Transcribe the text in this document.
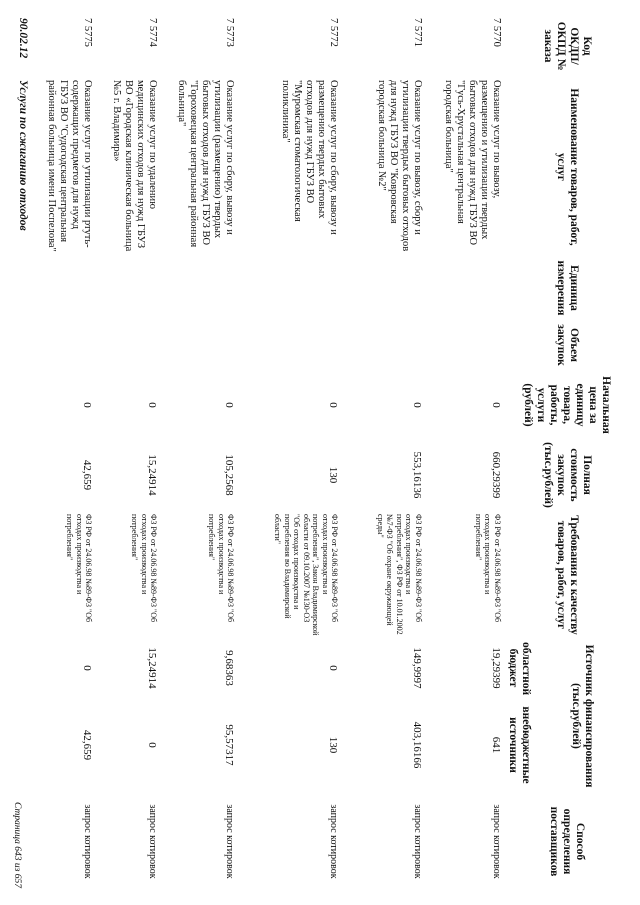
Код ОКДП/ ОКПД № заказа	Наименование товаров, работ, услуг	Единица измерения	Объем закупок	Начальная цена за единицу товара, работы, услуги (рублей)	Полная стоимость закупок (тыс.рублей)	Требования к качеству товаров, работ, услуг	Источник финансирования (тыс.рублей)		Способ определения поставщиков
							областной бюджет	внебюджетные источники	
7 5770	Оказание услуг по вывозу, размещению и утилизации твердых бытовых отходов для нужд ГБУЗ ВО "Гусь-Хрустальная центральная городская больница"			0	660,29399	ФЗ РФ от 24.06.98 №89-ФЗ "Об отходах производства и потребления"	19,29399	641	запрос котировок
7 5771	Оказание услуг по вывозу, сбору и утилизации твердых бытовых отходов для нужд ГБУЗ ВО "Ковровская городская больница №2"			0	553,16136	ФЗ РФ от 24.06.98 №89-ФЗ "Об отходах производства и потребления", ФЗ РФ от 10.01.2002 №7-ФЗ "Об охране окружающей среды"	149,9997	403,16166	запрос котировок
7 5772	Оказание услуг по сбору, вывозу и размещению твердых бытовых отходов для нужд ГБУЗ ВО "Муромская стоматологическая поликлиника"			0	130	ФЗ РФ от 24.06.98 №89-ФЗ "Об отходах производства и потребления", Закон Владимирской области от 09.10.2007 №130-ОЗ "Об отходах производства и потребления во Владимирской области"	0	130	запрос котировок
7 5773	Оказание услуг по сбору, вывозу и утилизации (размещению) твердых бытовых отходов для нужд ГБУЗ ВО "Гороховецкая центральная районная больница"			0	105,2568	ФЗ РФ от 24.06.98 №89-ФЗ "Об отходах производства и потребления"	9,68363	95,57317	запрос котировок
7 5774	Оказание услуг по удалению медицинских отходов для нужд ГБУЗ ВО «Городская клиническая больница №5 г. Владимира»			0	15,24914	ФЗ РФ от 24.06.98 №89-ФЗ "Об отходах производства и потребления"	15,24914	0	запрос котировок
7 5775	Оказание услуг по утилизации ртуть-содержащих предметов для нужд ГБУЗ ВО "Судогодская центральная районная больница имени Поспелова"			0	42,659	ФЗ РФ от 24.06.98 №89-ФЗ "Об отходах производства и потребления"	0	42,659	запрос котировок
90.02.12	Услуги по сжиганию отходов								
Страница 643 из 657
